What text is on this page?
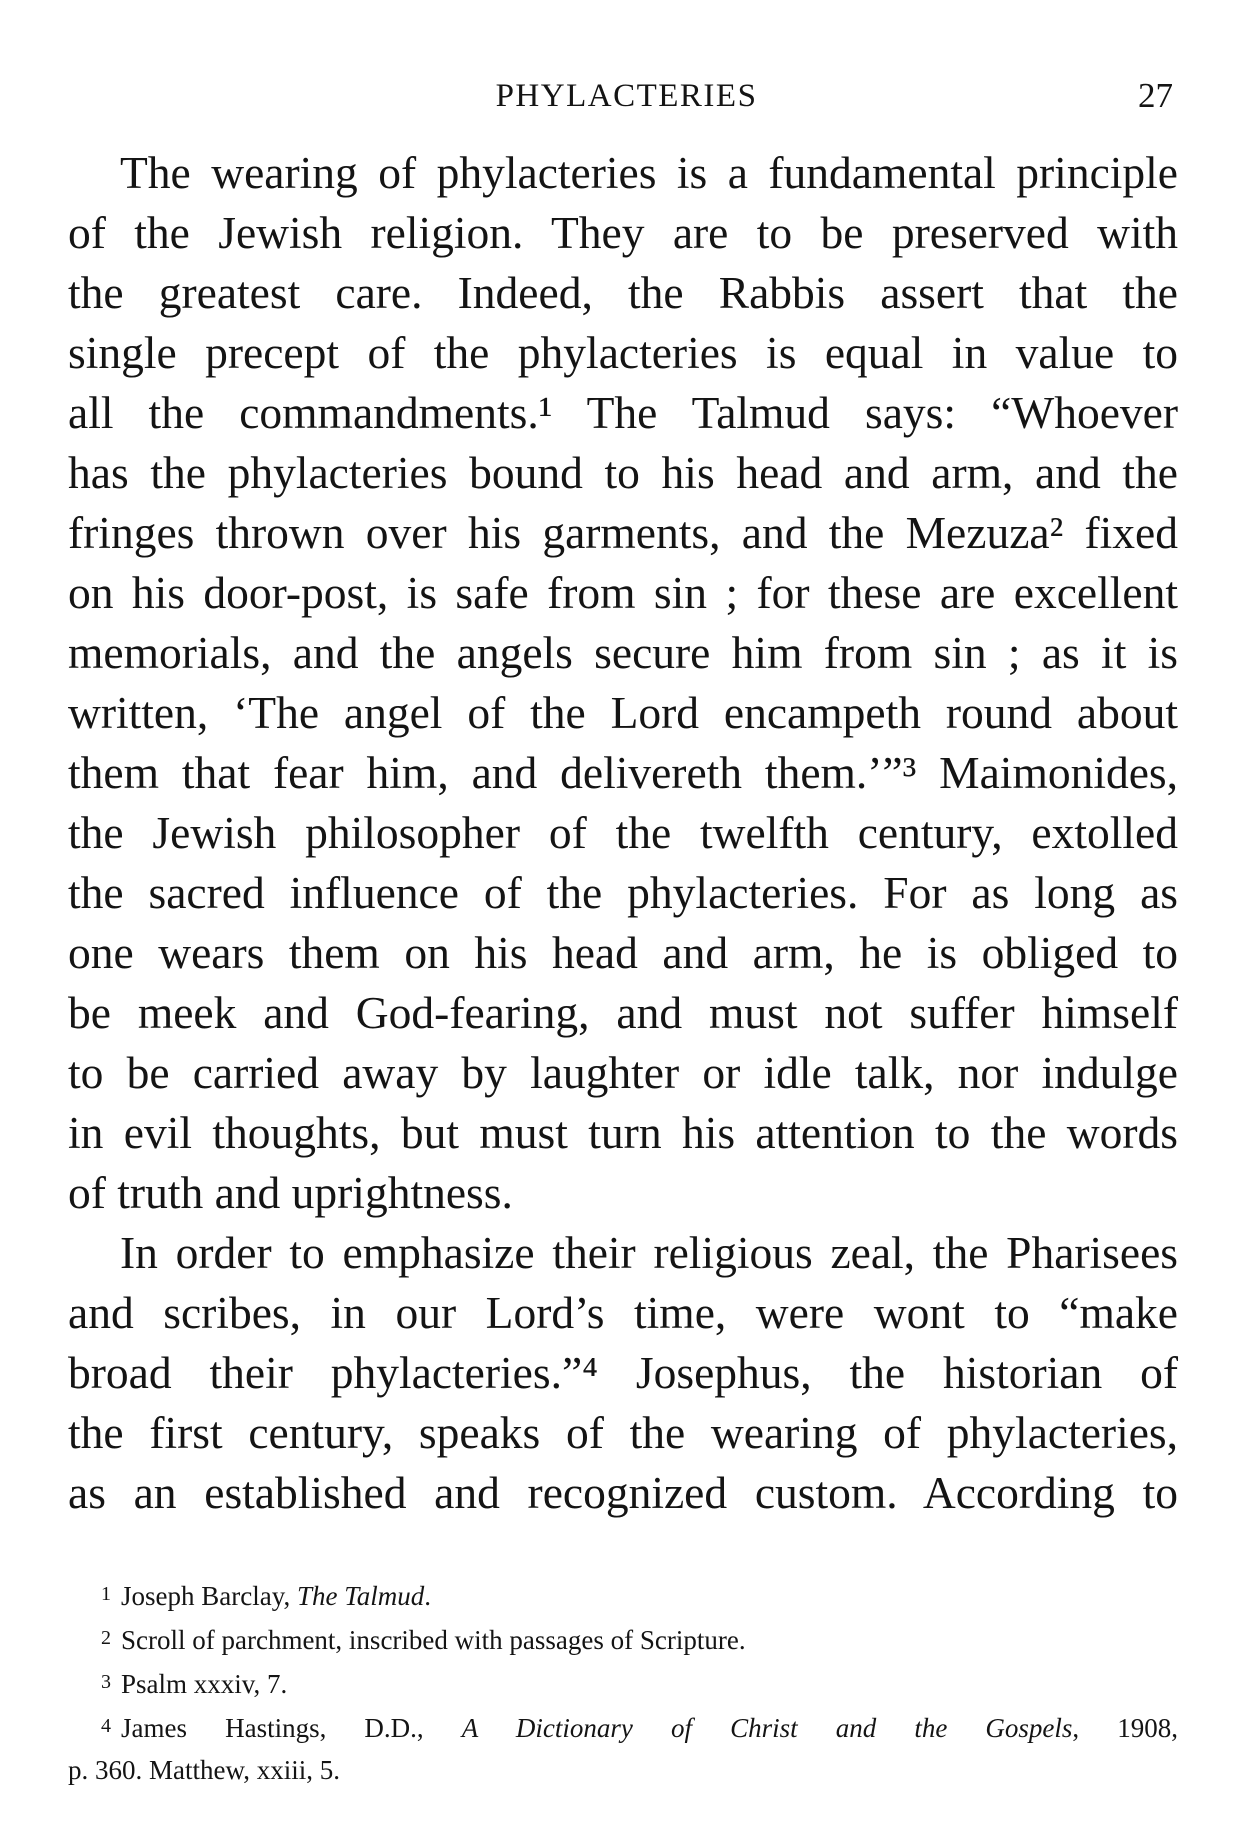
PHYLACTERIES	27
The wearing of phylacteries is a fundamental principle
of the Jewish religion. They are to be preserved with
the greatest care. Indeed, the Rabbis assert that the
single precept of the phylacteries is equal in value to
all the commandments.¹ The Talmud says: “Whoever
has the phylacteries bound to his head and arm, and the
fringes thrown over his garments, and the Mezuza² fixed
on his door-post, is safe from sin ; for these are excellent
memorials, and the angels secure him from sin ; as it is
written, ‘The angel of the Lord encampeth round about
them that fear him, and delivereth them.’”³ Maimonides,
the Jewish philosopher of the twelfth century, extolled
the sacred influence of the phylacteries. For as long as
one wears them on his head and arm, he is obliged to
be meek and God-fearing, and must not suffer himself
to be carried away by laughter or idle talk, nor indulge
in evil thoughts, but must turn his attention to the words
of truth and uprightness.
In order to emphasize their religious zeal, the Pharisees
and scribes, in our Lord’s time, were wont to “make
broad their phylacteries.”⁴ Josephus, the historian of
the first century, speaks of the wearing of phylacteries,
as an established and recognized custom. According to
1 Joseph Barclay, The Talmud.
2 Scroll of parchment, inscribed with passages of Scripture.
3 Psalm xxxiv, 7.
4 James Hastings, D.D., A Dictionary of Christ and the Gospels, 1908,
p. 360. Matthew, xxiii, 5.
